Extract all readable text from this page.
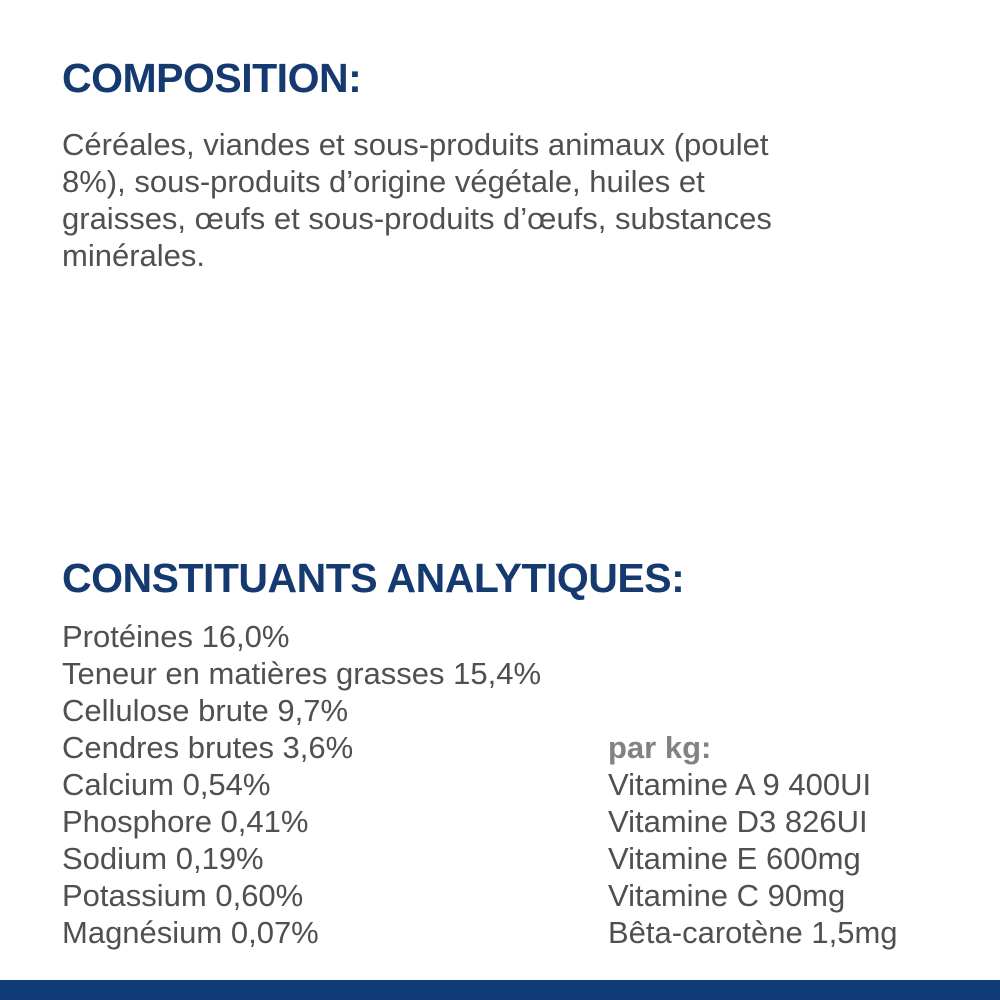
COMPOSITION:
Céréales, viandes et sous-produits animaux (poulet
8%), sous-produits d’origine végétale, huiles et
graisses, œufs et sous-produits d’œufs, substances
minérales.
CONSTITUANTS ANALYTIQUES:
Protéines 16,0%
Teneur en matières grasses 15,4%
Cellulose brute 9,7%
Cendres brutes 3,6%
Calcium 0,54%
Phosphore 0,41%
Sodium 0,19%
Potassium 0,60%
Magnésium 0,07%
par kg:
Vitamine A 9 400UI
Vitamine D3 826UI
Vitamine E 600mg
Vitamine C 90mg
Bêta-carotène 1,5mg
